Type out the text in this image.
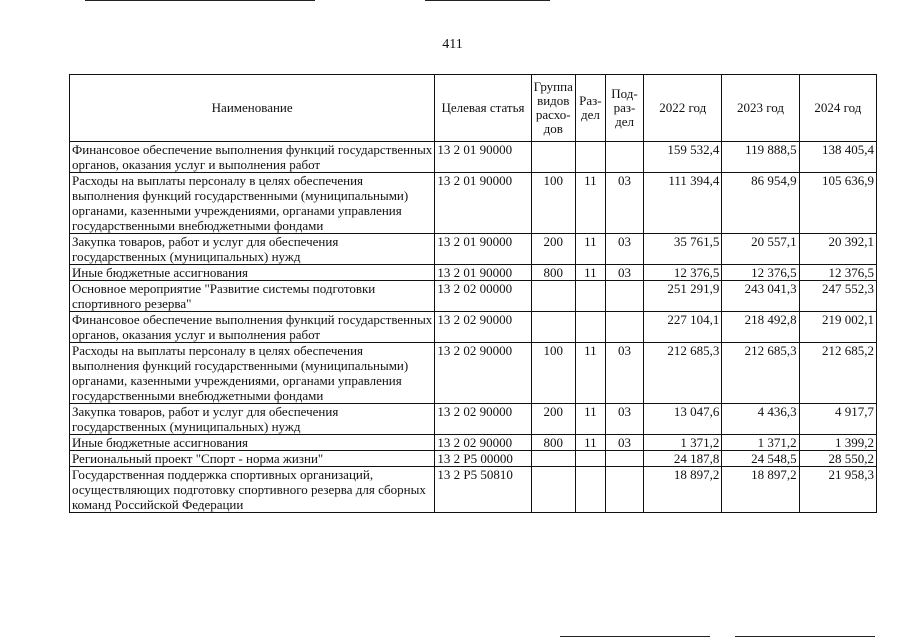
411
Наименование	Целевая статья	Группа видов расхо-дов	Раз-дел	Под-раз-дел	2022 год	2023 год	2024 год
Финансовое обеспечение выполнения функций государственных органов, оказания услуг и выполнения работ	13 2 01 90000				159 532,4	119 888,5	138 405,4
Расходы на выплаты персоналу в целях обеспечения выполнения функций государственными (муниципальными) органами, казенными учреждениями, органами управления государственными внебюджетными фондами	13 2 01 90000	100	11	03	111 394,4	86 954,9	105 636,9
Закупка товаров, работ и услуг для обеспечения государственных (муниципальных) нужд	13 2 01 90000	200	11	03	35 761,5	20 557,1	20 392,1
Иные бюджетные ассигнования	13 2 01 90000	800	11	03	12 376,5	12 376,5	12 376,5
Основное мероприятие "Развитие системы подготовки спортивного резерва"	13 2 02 00000				251 291,9	243 041,3	247 552,3
Финансовое обеспечение выполнения функций государственных органов, оказания услуг и выполнения работ	13 2 02 90000				227 104,1	218 492,8	219 002,1
Расходы на выплаты персоналу в целях обеспечения выполнения функций государственными (муниципальными) органами, казенными учреждениями, органами управления государственными внебюджетными фондами	13 2 02 90000	100	11	03	212 685,3	212 685,3	212 685,2
Закупка товаров, работ и услуг для обеспечения государственных (муниципальных) нужд	13 2 02 90000	200	11	03	13 047,6	4 436,3	4 917,7
Иные бюджетные ассигнования	13 2 02 90000	800	11	03	1 371,2	1 371,2	1 399,2
Региональный проект "Спорт - норма жизни"	13 2 P5 00000				24 187,8	24 548,5	28 550,2
Государственная поддержка спортивных организаций, осуществляющих подготовку спортивного резерва для сборных команд Российской Федерации	13 2 P5 50810				18 897,2	18 897,2	21 958,3
